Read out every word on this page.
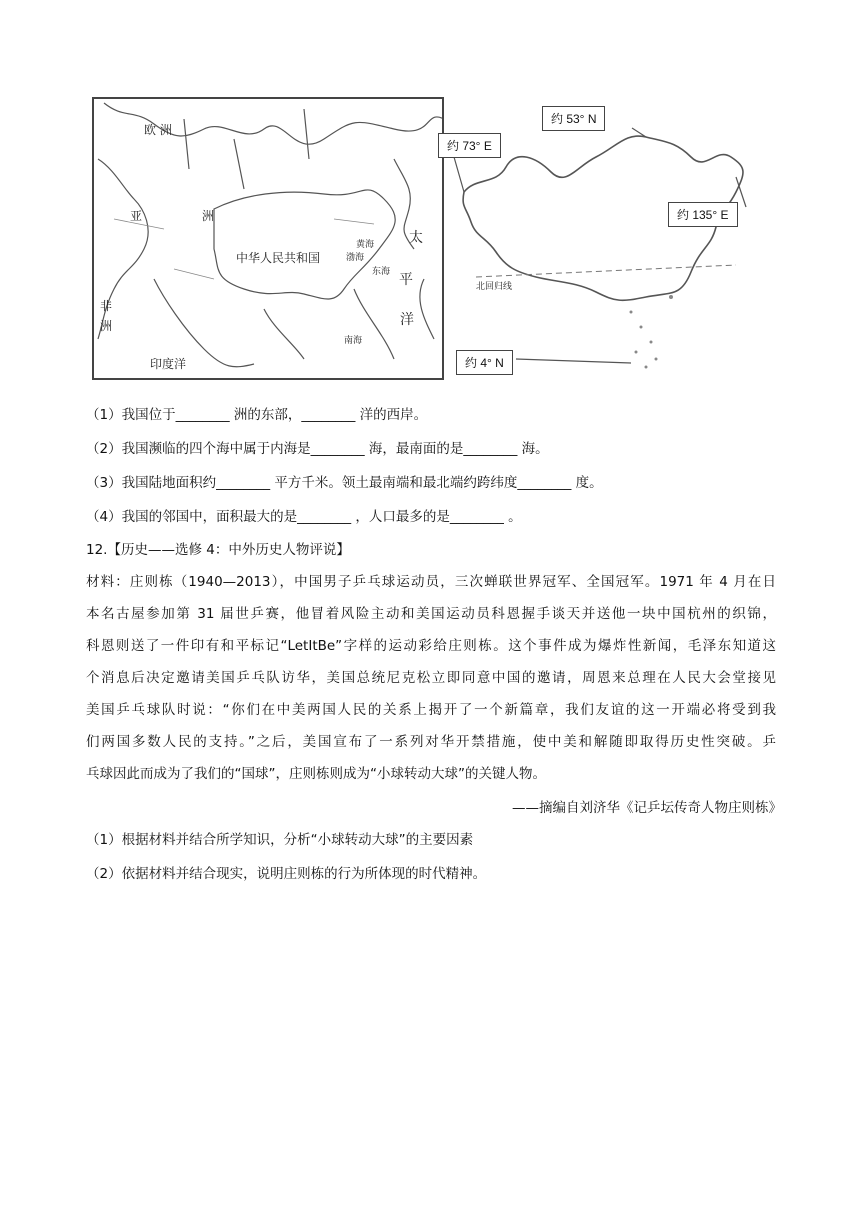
欧 洲
亚	洲
中华人民共和国	渤海
黄海
东海
南海
太
平
洋
非
洲
印度洋
约 53° N
约 73° E
约 135° E
约 4° N
北回归线
（1）我国位于________ 洲的东部，________ 洋的西岸。
（2）我国濒临的四个海中属于内海是________ 海，最南面的是________ 海。
（3）我国陆地面积约________ 平方千米。领土最南端和最北端约跨纬度________ 度。
（4）我国的邻国中，面积最大的是________ ，人口最多的是________ 。
12.【历史——选修 4：中外历史人物评说】
材料：庄则栋（1940—2013），中国男子乒乓球运动员，三次蝉联世界冠军、全国冠军。1971 年 4 月在日
本名古屋参加第 31 届世乒赛，他冒着风险主动和美国运动员科恩握手谈天并送他一块中国杭州的织锦，
科恩则送了一件印有和平标记“LetItBe”字样的运动彩给庄则栋。这个事件成为爆炸性新闻，毛泽东知道这
个消息后决定邀请美国乒乓队访华，美国总统尼克松立即同意中国的邀请，周恩来总理在人民大会堂接见
美国乒乓球队时说：“你们在中美两国人民的关系上揭开了一个新篇章，我们友谊的这一开端必将受到我
们两国多数人民的支持。”之后，美国宣布了一系列对华开禁措施，使中美和解随即取得历史性突破。乒
乓球因此而成为了我们的“国球”，庄则栋则成为“小球转动大球”的关键人物。
——摘编自刘济华《记乒坛传奇人物庄则栋》
（1）根据材料并结合所学知识，分析“小球转动大球”的主要因素
（2）依据材料并结合现实，说明庄则栋的行为所体现的时代精神。
